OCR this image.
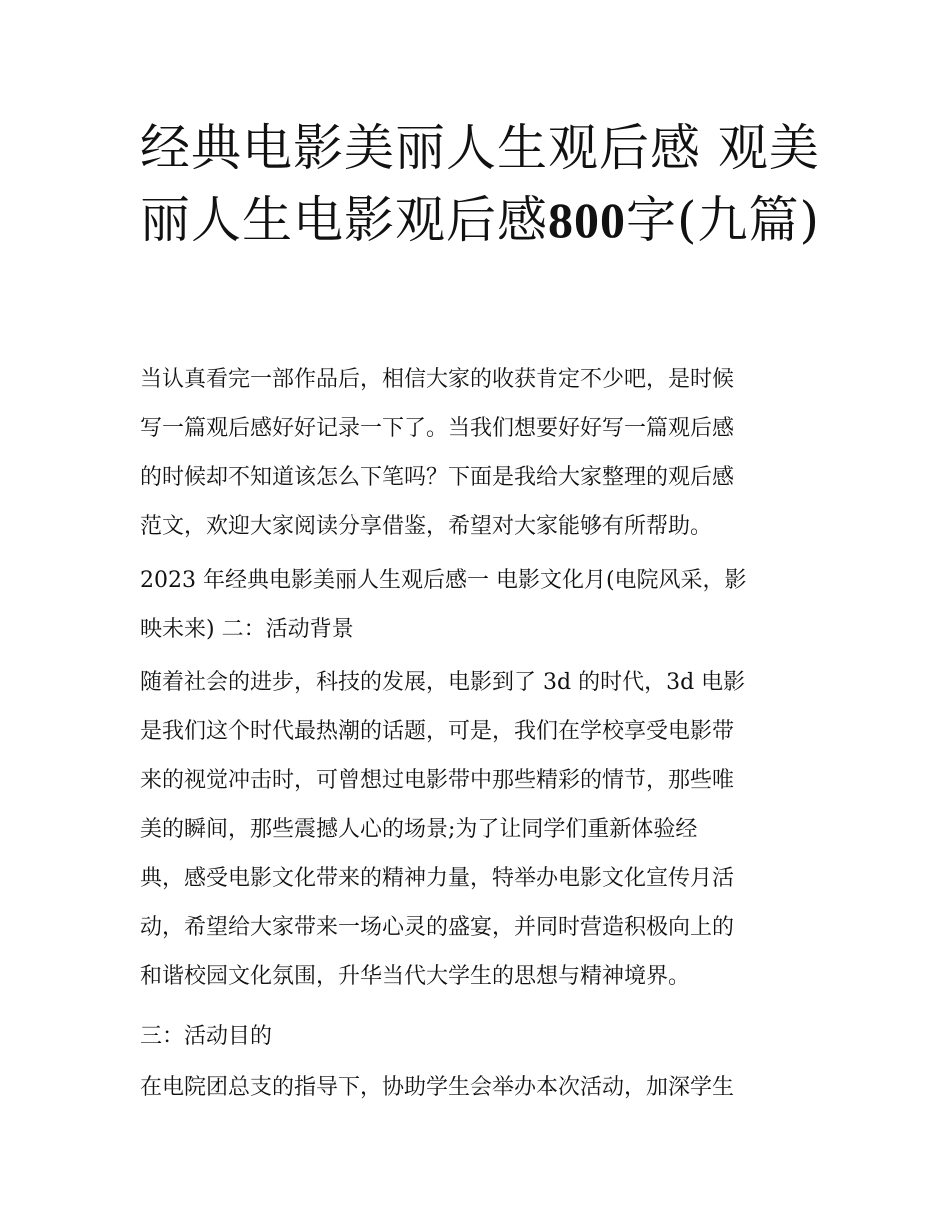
经典电影美丽人生观后感 观美丽人生电影观后感800字(九篇)
当认真看完一部作品后，相信大家的收获肯定不少吧，是时候
写一篇观后感好好记录一下了。当我们想要好好写一篇观后感
的时候却不知道该怎么下笔吗？下面是我给大家整理的观后感
范文，欢迎大家阅读分享借鉴，希望对大家能够有所帮助。
2023 年经典电影美丽人生观后感一 电影文化月(电院风采，影
映未来) 二：活动背景
随着社会的进步，科技的发展，电影到了 3d 的时代，3d 电影
是我们这个时代最热潮的话题，可是，我们在学校享受电影带
来的视觉冲击时，可曾想过电影带中那些精彩的情节，那些唯
美的瞬间，那些震撼人心的场景;为了让同学们重新体验经
典，感受电影文化带来的精神力量，特举办电影文化宣传月活
动，希望给大家带来一场心灵的盛宴，并同时营造积极向上的
和谐校园文化氛围，升华当代大学生的思想与精神境界。
三：活动目的
在电院团总支的指导下，协助学生会举办本次活动，加深学生
